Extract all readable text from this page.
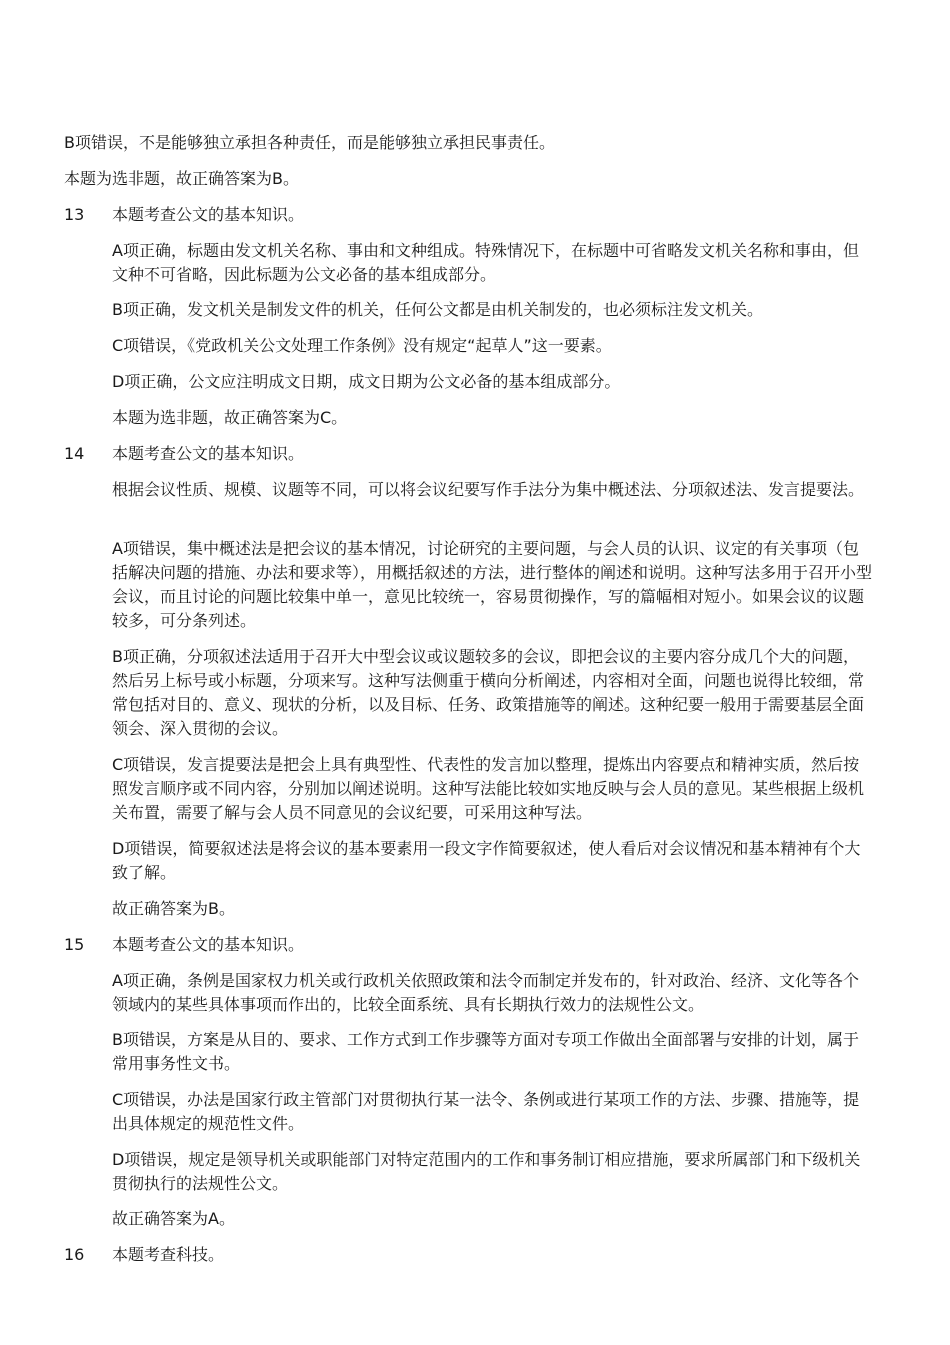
B项错误，不是能够独立承担各种责任，而是能够独立承担民事责任。

本题为选非题，故正确答案为B。

13 本题考查公文的基本知识。

A项正确，标题由发文机关名称、事由和文种组成。特殊情况下，在标题中可省略发文机关名称和事由，但文种不可省略，因此标题为公文必备的基本组成部分。

B项正确，发文机关是制发文件的机关，任何公文都是由机关制发的，也必须标注发文机关。

C项错误，《党政机关公文处理工作条例》没有规定“起草人”这一要素。

D项正确，公文应注明成文日期，成文日期为公文必备的基本组成部分。

本题为选非题，故正确答案为C。

14 本题考查公文的基本知识。

根据会议性质、规模、议题等不同，可以将会议纪要写作手法分为集中概述法、分项叙述法、发言提要法。

A项错误，集中概述法是把会议的基本情况，讨论研究的主要问题，与会人员的认识、议定的有关事项（包括解决问题的措施、办法和要求等），用概括叙述的方法，进行整体的阐述和说明。这种写法多用于召开小型会议，而且讨论的问题比较集中单一，意见比较统一，容易贯彻操作，写的篇幅相对短小。如果会议的议题较多，可分条列述。

B项正确，分项叙述法适用于召开大中型会议或议题较多的会议，即把会议的主要内容分成几个大的问题，然后另上标号或小标题，分项来写。这种写法侧重于横向分析阐述，内容相对全面，问题也说得比较细，常常包括对目的、意义、现状的分析，以及目标、任务、政策措施等的阐述。这种纪要一般用于需要基层全面领会、深入贯彻的会议。

C项错误，发言提要法是把会上具有典型性、代表性的发言加以整理，提炼出内容要点和精神实质，然后按照发言顺序或不同内容，分别加以阐述说明。这种写法能比较如实地反映与会人员的意见。某些根据上级机关布置，需要了解与会人员不同意见的会议纪要，可采用这种写法。

D项错误，简要叙述法是将会议的基本要素用一段文字作简要叙述，使人看后对会议情况和基本精神有个大致了解。

故正确答案为B。

15 本题考查公文的基本知识。

A项正确，条例是国家权力机关或行政机关依照政策和法令而制定并发布的，针对政治、经济、文化等各个领域内的某些具体事项而作出的，比较全面系统、具有长期执行效力的法规性公文。

B项错误，方案是从目的、要求、工作方式到工作步骤等方面对专项工作做出全面部署与安排的计划，属于常用事务性文书。

C项错误，办法是国家行政主管部门对贯彻执行某一法令、条例或进行某项工作的方法、步骤、措施等，提出具体规定的规范性文件。

D项错误，规定是领导机关或职能部门对特定范围内的工作和事务制订相应措施，要求所属部门和下级机关贯彻执行的法规性公文。

故正确答案为A。

16 本题考查科技。
